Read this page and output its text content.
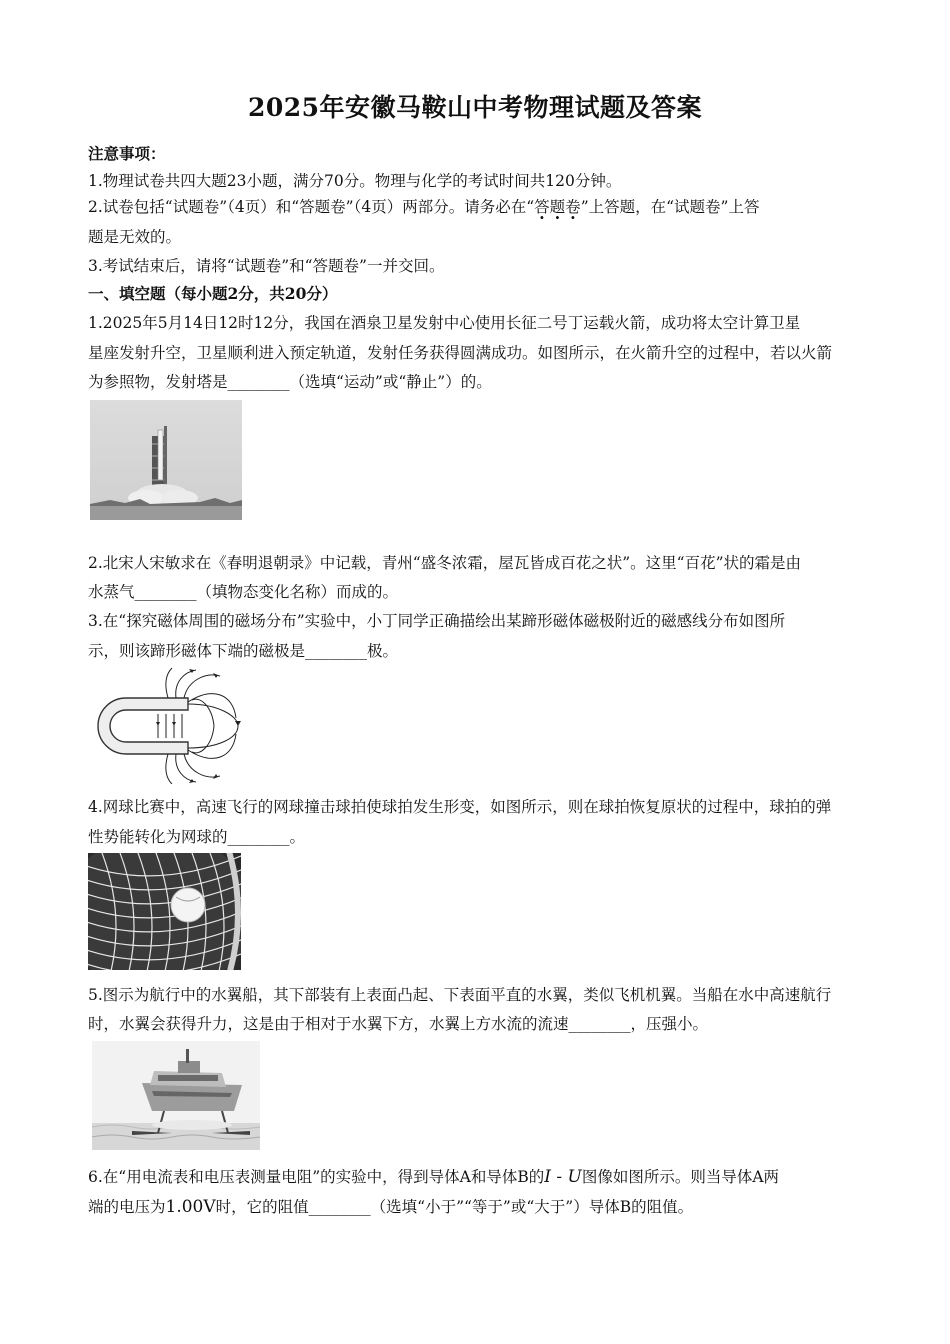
2025年安徽马鞍山中考物理试题及答案
注意事项：
1.物理试卷共四大题23小题，满分70分。物理与化学的考试时间共120分钟。
2.试卷包括“试题卷”（4页）和“答题卷”（4页）两部分。请务必在“答题卷”上答题，在“试题卷”上答
题是无效的。
3.考试结束后，请将“试题卷”和“答题卷”一并交回。
一、填空题（每小题2分，共20分）
1.2025年5月14日12时12分，我国在酒泉卫星发射中心使用长征二号丁运载火箭，成功将太空计算卫星
星座发射升空，卫星顺利进入预定轨道，发射任务获得圆满成功。如图所示，在火箭升空的过程中，若以火箭
为参照物，发射塔是________（选填“运动”或“静止”）的。
2.北宋人宋敏求在《春明退朝录》中记载，青州“盛冬浓霜，屋瓦皆成百花之状”。这里“百花”状的霜是由
水蒸气________（填物态变化名称）而成的。
3.在“探究磁体周围的磁场分布”实验中，小丁同学正确描绘出某蹄形磁体磁极附近的磁感线分布如图所
示，则该蹄形磁体下端的磁极是________极。
4.网球比赛中，高速飞行的网球撞击球拍使球拍发生形变，如图所示，则在球拍恢复原状的过程中，球拍的弹
性势能转化为网球的________。
5.图示为航行中的水翼船，其下部装有上表面凸起、下表面平直的水翼，类似飞机机翼。当船在水中高速航行
时，水翼会获得升力，这是由于相对于水翼下方，水翼上方水流的流速________，压强小。
6.在“用电流表和电压表测量电阻”的实验中，得到导体A和导体B的I - U图像如图所示。则当导体A两
端的电压为1.00V时，它的阻值________（选填“小于”“等于”或“大于”）导体B的阻值。
